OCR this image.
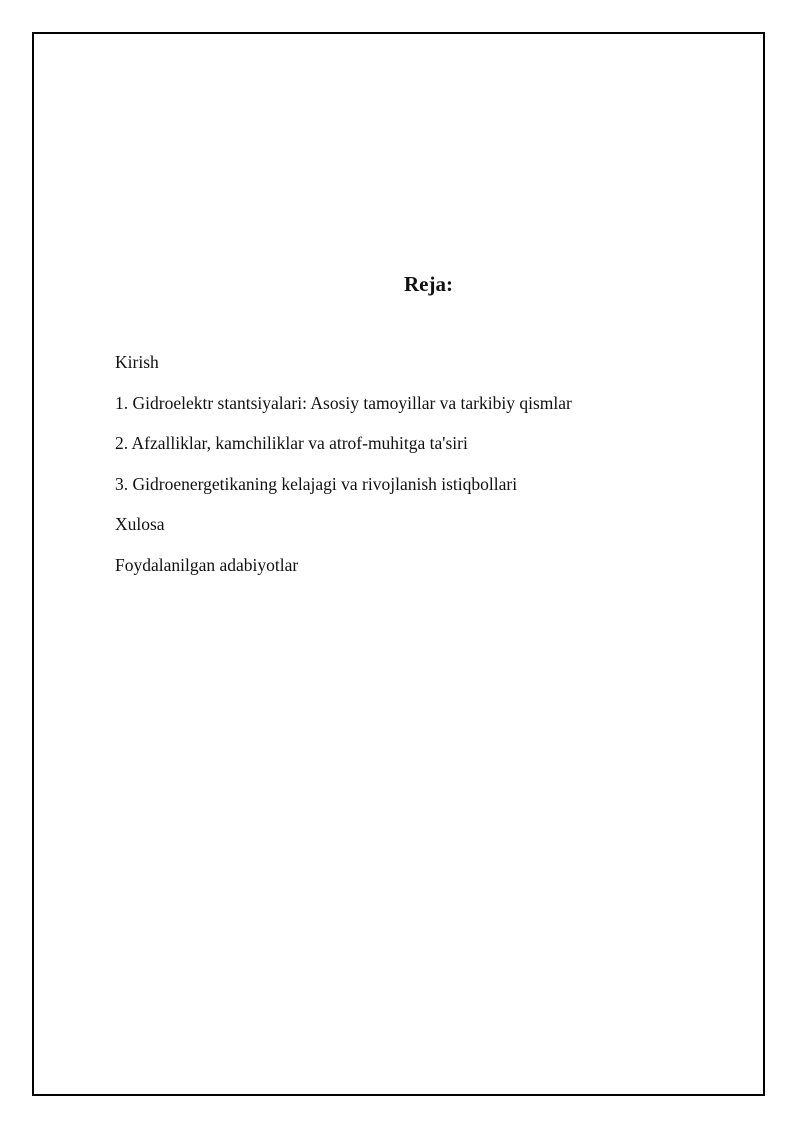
Reja:
Kirish
1. Gidroelektr stantsiyalari: Asosiy tamoyillar va tarkibiy qismlar
2. Afzalliklar, kamchiliklar va atrof-muhitga ta'siri
3. Gidroenergetikaning kelajagi va rivojlanish istiqbollari
Xulosa
Foydalanilgan adabiyotlar
